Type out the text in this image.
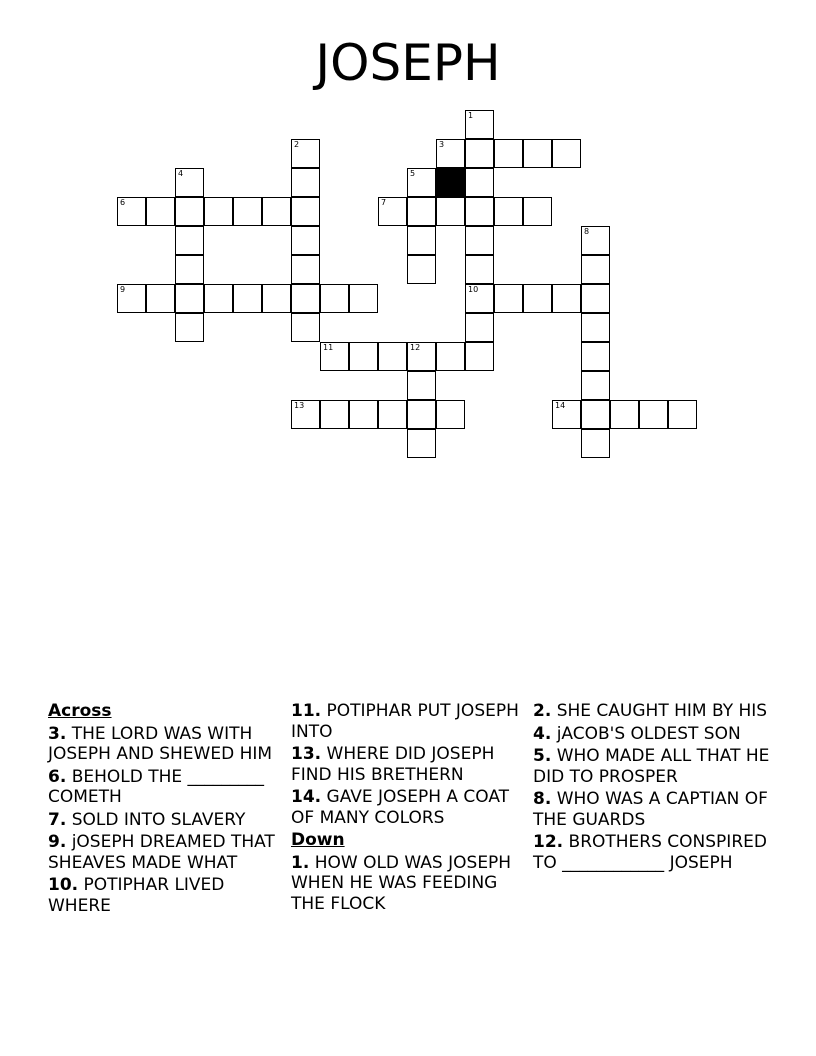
JOSEPH
1
3
2
4	5
6	7
8
9	10
11	12
13	14
Across
3. THE LORD WAS WITH JOSEPH AND SHEWED HIM
6. BEHOLD THE _________ COMETH
7. SOLD INTO SLAVERY
9. jOSEPH DREAMED THAT SHEAVES MADE WHAT
10. POTIPHAR LIVED WHERE
11. POTIPHAR PUT JOSEPH INTO
13. WHERE DID JOSEPH FIND HIS BRETHERN
14. GAVE JOSEPH A COAT OF MANY COLORS
Down
1. HOW OLD WAS JOSEPH WHEN HE WAS FEEDING THE FLOCK
2. SHE CAUGHT HIM BY HIS
4. jACOB'S OLDEST SON
5. WHO MADE ALL THAT HE DID TO PROSPER
8. WHO WAS A CAPTIAN OF THE GUARDS
12. BROTHERS CONSPIRED TO ____________ JOSEPH
